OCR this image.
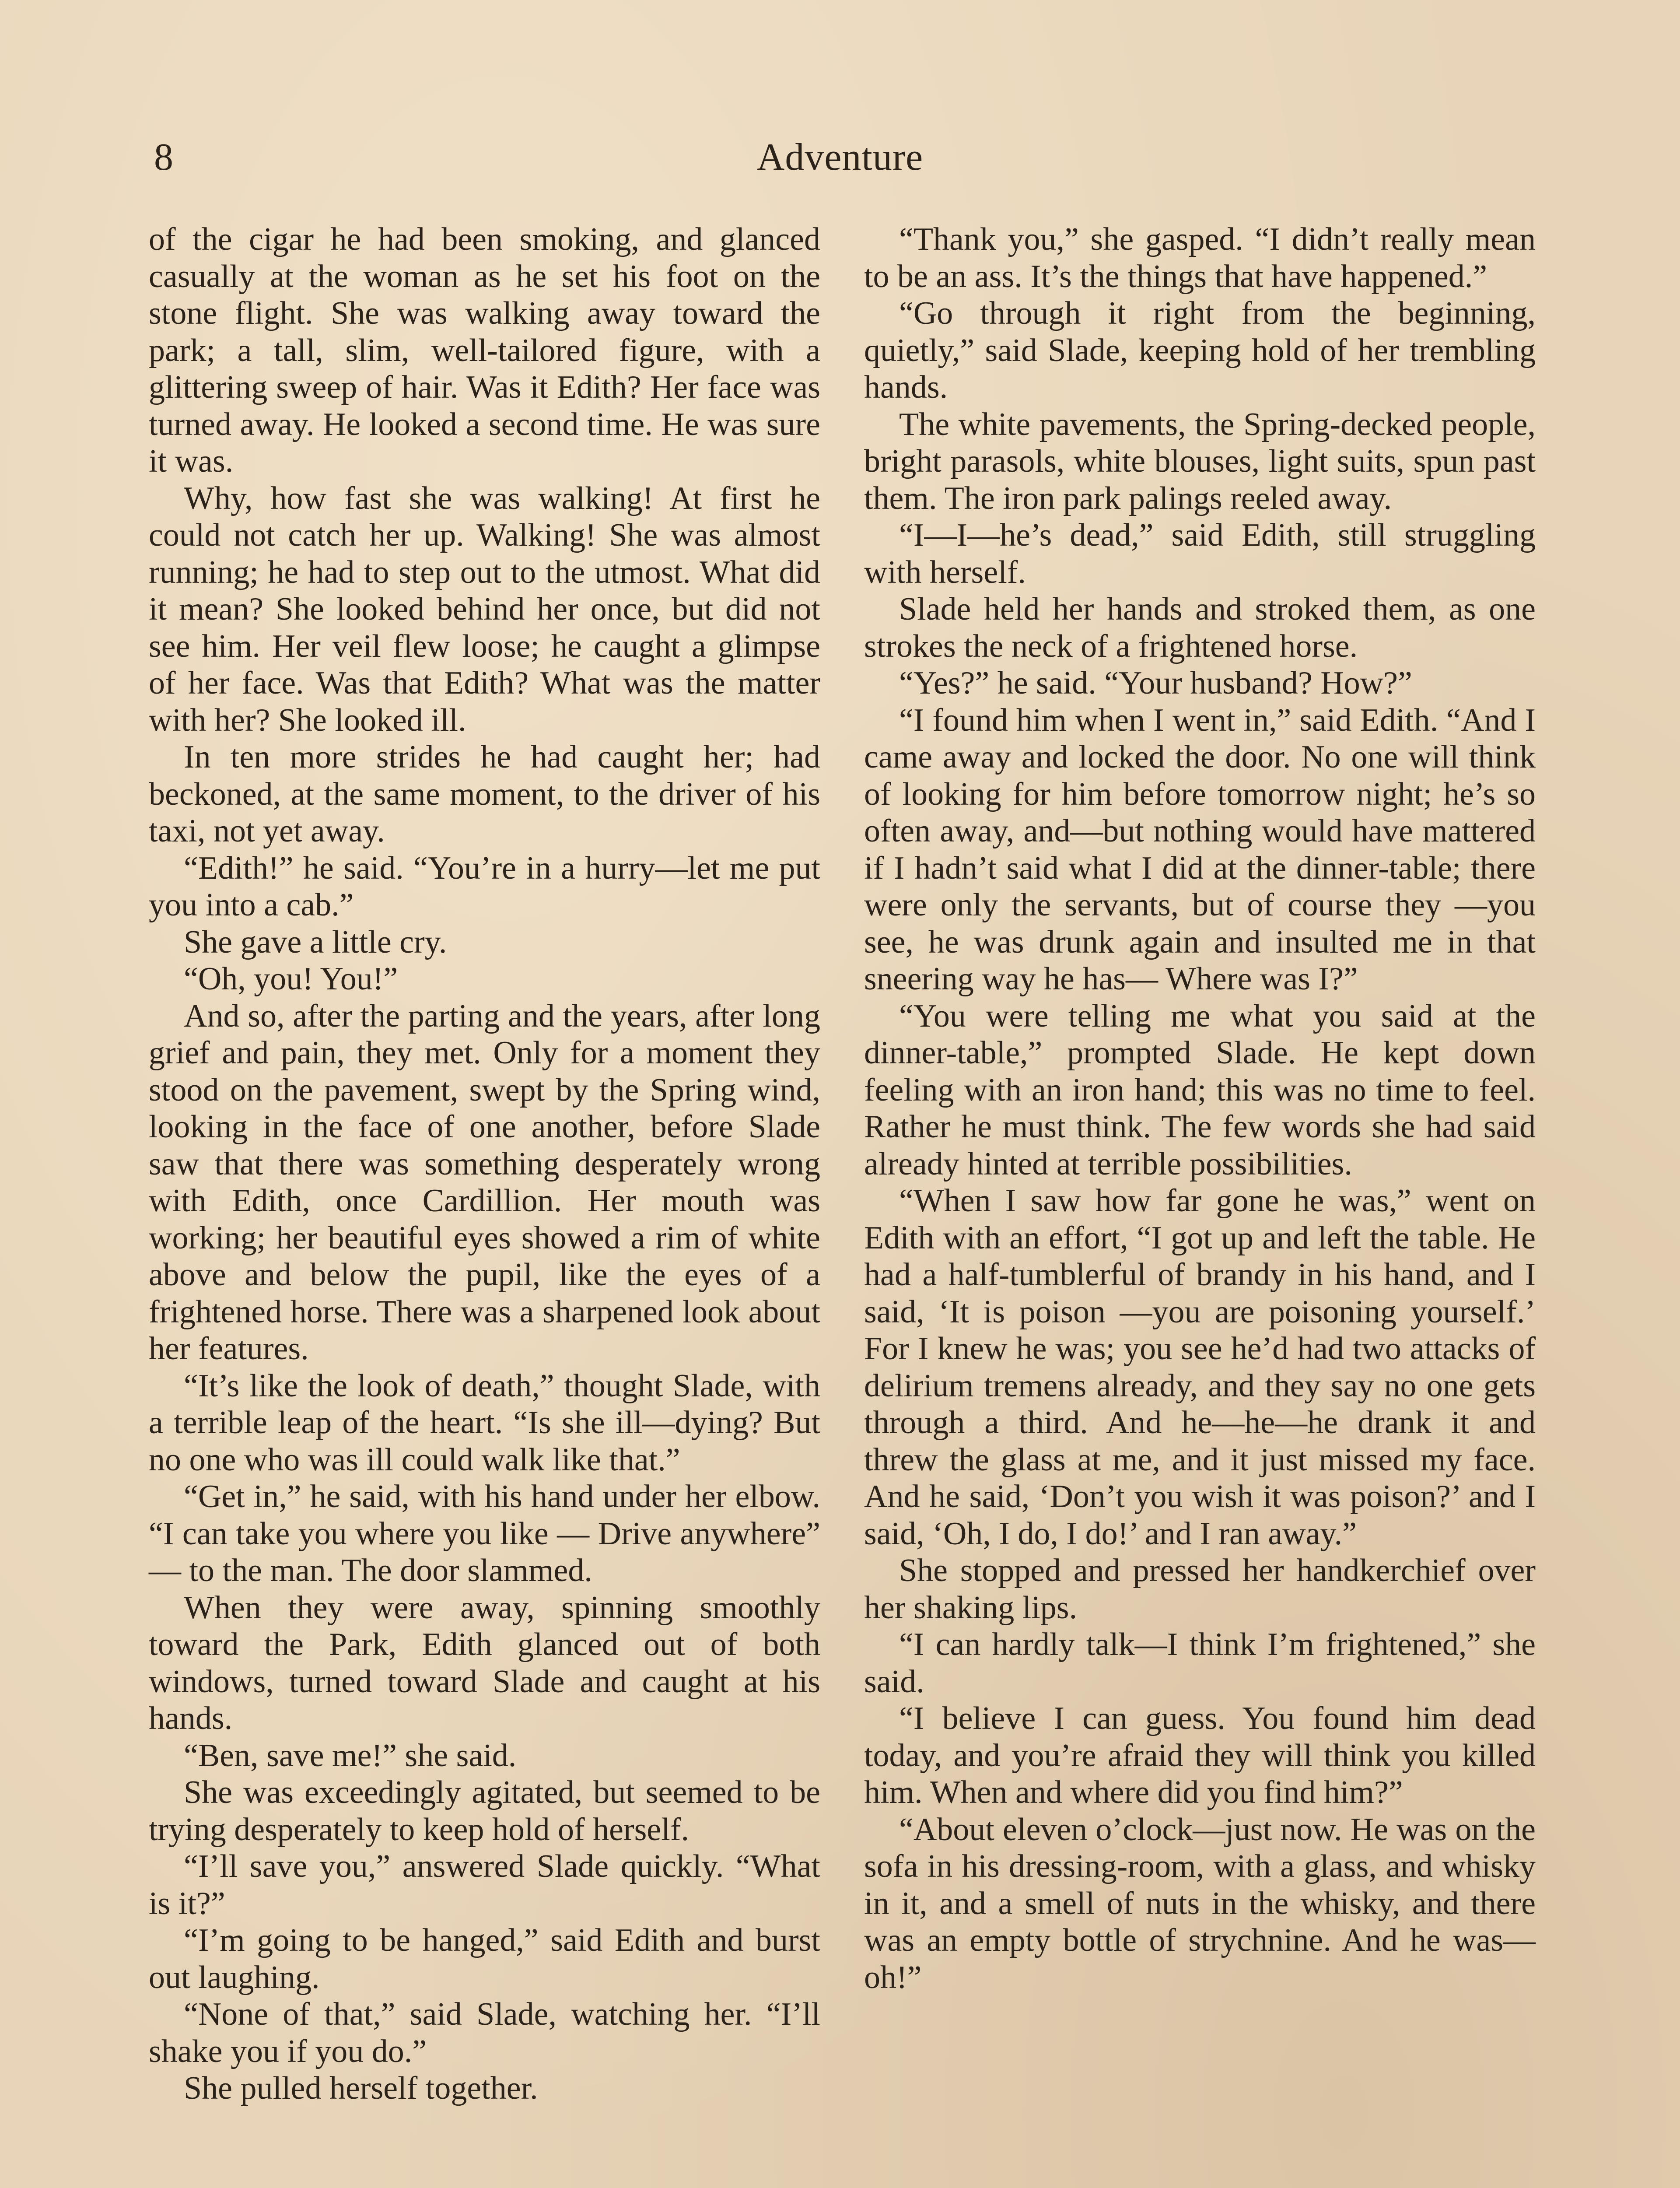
8	Adventure

of the cigar he had been smoking, and glanced casually at the woman as he set his foot on the stone flight. She was walking away toward the park; a tall, slim, well-tailored figure, with a glittering sweep of hair. Was it Edith? Her face was turned away. He looked a second time. He was sure it was.

Why, how fast she was walking! At first he could not catch her up. Walking! She was almost running; he had to step out to the utmost. What did it mean? She looked behind her once, but did not see him. Her veil flew loose; he caught a glimpse of her face. Was that Edith? What was the matter with her? She looked ill.

In ten more strides he had caught her; had beckoned, at the same moment, to the driver of his taxi, not yet away.

“Edith!” he said. “You’re in a hurry—let me put you into a cab.”

She gave a little cry.

“Oh, you! You!”

And so, after the parting and the years, after long grief and pain, they met. Only for a moment they stood on the pavement, swept by the Spring wind, looking in the face of one another, before Slade saw that there was something desperately wrong with Edith, once Cardillion. Her mouth was working; her beautiful eyes showed a rim of white above and below the pupil, like the eyes of a frightened horse. There was a sharpened look about her features.

“It’s like the look of death,” thought Slade, with a terrible leap of the heart. “Is she ill—dying? But no one who was ill could walk like that.”

“Get in,” he said, with his hand under her elbow. “I can take you where you like — Drive anywhere” — to the man. The door slammed.

When they were away, spinning smoothly toward the Park, Edith glanced out of both windows, turned toward Slade and caught at his hands.

“Ben, save me!” she said.

She was exceedingly agitated, but seemed to be trying desperately to keep hold of herself.

“I’ll save you,” answered Slade quickly. “What is it?”

“I’m going to be hanged,” said Edith and burst out laughing.

“None of that,” said Slade, watching her. “I’ll shake you if you do.”

She pulled herself together.

“Thank you,” she gasped. “I didn’t really mean to be an ass. It’s the things that have happened.”

“Go through it right from the beginning, quietly,” said Slade, keeping hold of her trembling hands.

The white pavements, the Spring-decked people, bright parasols, white blouses, light suits, spun past them. The iron park palings reeled away.

“I—I—he’s dead,” said Edith, still struggling with herself.

Slade held her hands and stroked them, as one strokes the neck of a frightened horse.

“Yes?” he said. “Your husband? How?”

“I found him when I went in,” said Edith. “And I came away and locked the door. No one will think of looking for him before tomorrow night; he’s so often away, and—but nothing would have mattered if I hadn’t said what I did at the dinner-table; there were only the servants, but of course they —you see, he was drunk again and insulted me in that sneering way he has— Where was I?”

“You were telling me what you said at the dinner-table,” prompted Slade. He kept down feeling with an iron hand; this was no time to feel. Rather he must think. The few words she had said already hinted at terrible possibilities.

“When I saw how far gone he was,” went on Edith with an effort, “I got up and left the table. He had a half-tumblerful of brandy in his hand, and I said, ‘It is poison —you are poisoning yourself.’ For I knew he was; you see he’d had two attacks of delirium tremens already, and they say no one gets through a third. And he—he—he drank it and threw the glass at me, and it just missed my face. And he said, ‘Don’t you wish it was poison?’ and I said, ‘Oh, I do, I do!’ and I ran away.”

She stopped and pressed her handkerchief over her shaking lips.

“I can hardly talk—I think I’m frightened,” she said.

“I believe I can guess. You found him dead today, and you’re afraid they will think you killed him. When and where did you find him?”

“About eleven o’clock—just now. He was on the sofa in his dressing-room, with a glass, and whisky in it, and a smell of nuts in the whisky, and there was an empty bottle of strychnine. And he was—oh!”
